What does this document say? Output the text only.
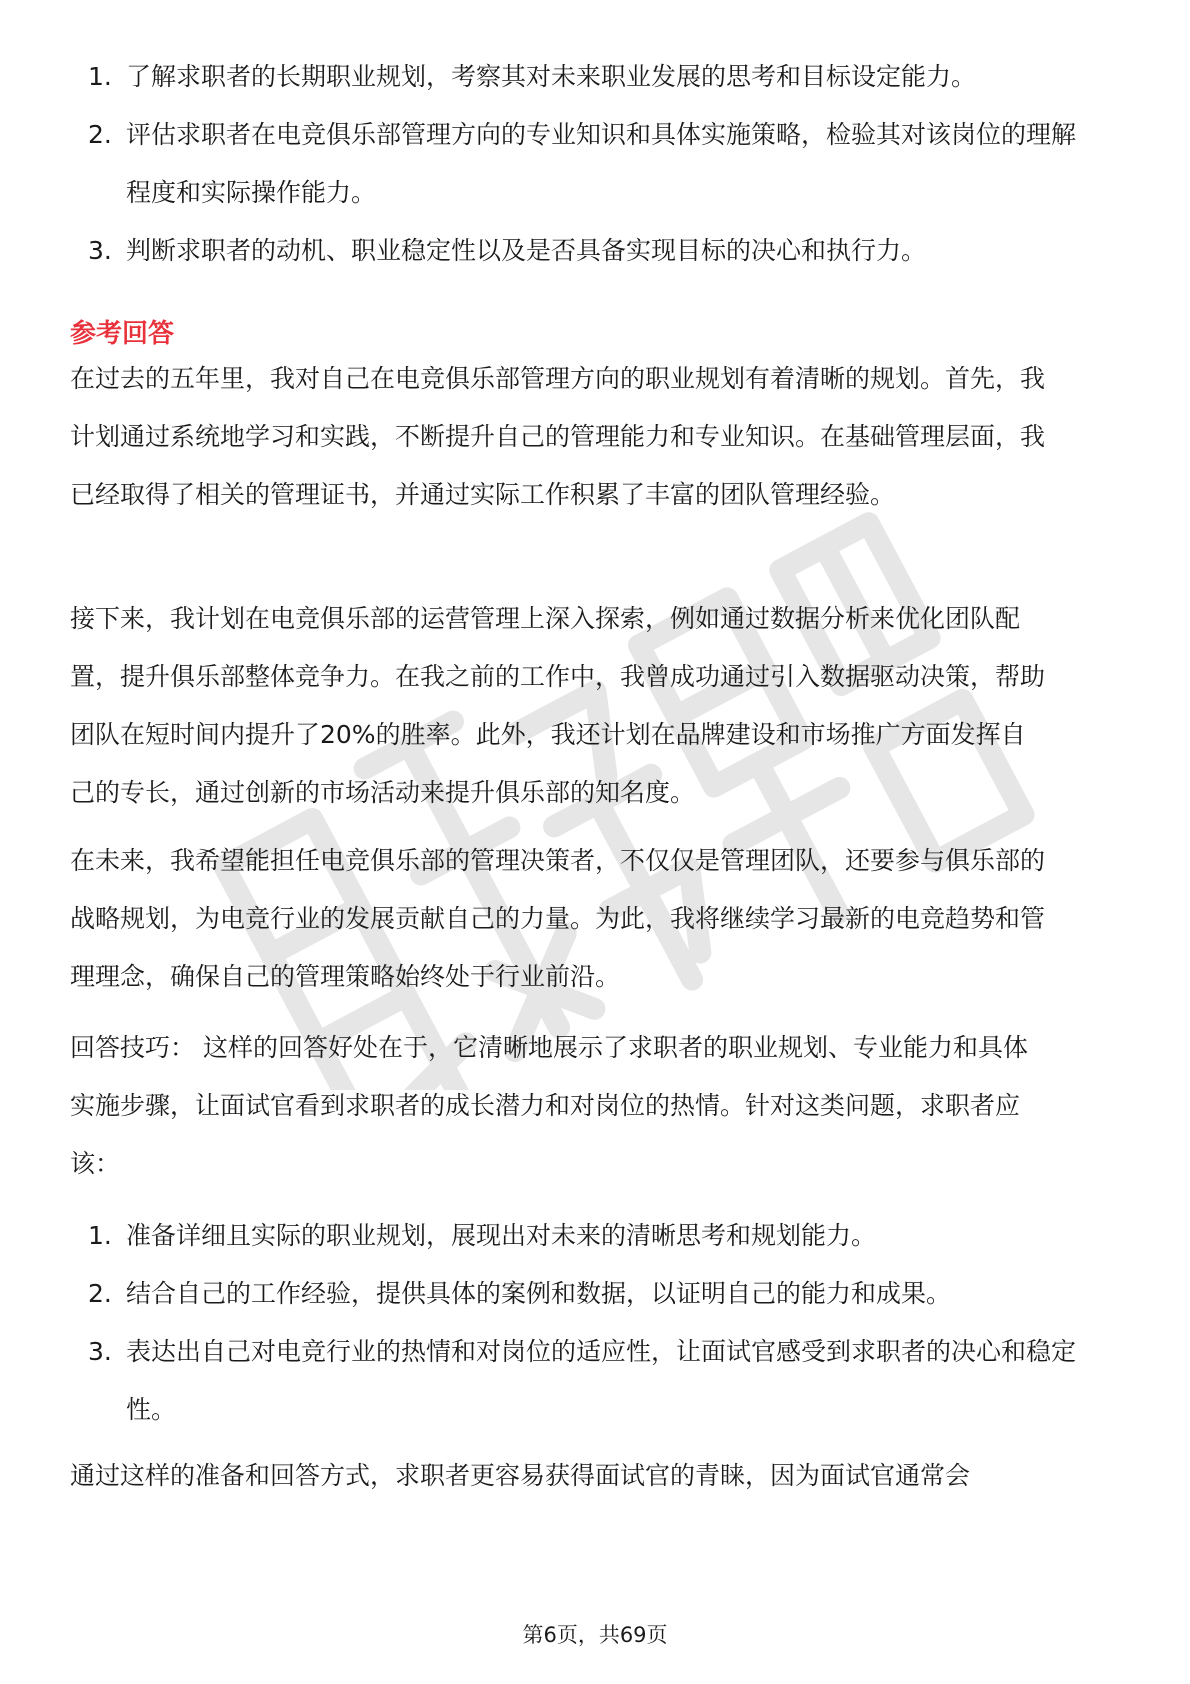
1. 了解求职者的长期职业规划，考察其对未来职业发展的思考和目标设定能力。
2. 评估求职者在电竞俱乐部管理方向的专业知识和具体实施策略，检验其对该岗位的理解程度和实际操作能力。
3. 判断求职者的动机、职业稳定性以及是否具备实现目标的决心和执行力。
参考回答

在过去的五年里，我对自己在电竞俱乐部管理方向的职业规划有着清晰的规划。首先，我计划通过系统地学习和实践，不断提升自己的管理能力和专业知识。在基础管理层面，我已经取得了相关的管理证书，并通过实际工作积累了丰富的团队管理经验。

接下来，我计划在电竞俱乐部的运营管理上深入探索，例如通过数据分析来优化团队配置，提升俱乐部整体竞争力。在我之前的工作中，我曾成功通过引入数据驱动决策，帮助团队在短时间内提升了20%的胜率。此外，我还计划在品牌建设和市场推广方面发挥自己的专长，通过创新的市场活动来提升俱乐部的知名度。

在未来，我希望能担任电竞俱乐部的管理决策者，不仅仅是管理团队，还要参与俱乐部的战略规划，为电竞行业的发展贡献自己的力量。为此，我将继续学习最新的电竞趋势和管理理念，确保自己的管理策略始终处于行业前沿。

回答技巧： 这样的回答好处在于，它清晰地展示了求职者的职业规划、专业能力和具体实施步骤，让面试官看到求职者的成长潜力和对岗位的热情。针对这类问题，求职者应该：

1. 准备详细且实际的职业规划，展现出对未来的清晰思考和规划能力。
2. 结合自己的工作经验，提供具体的案例和数据，以证明自己的能力和成果。
3. 表达出自己对电竞行业的热情和对岗位的适应性，让面试官感受到求职者的决心和稳定性。

通过这样的准备和回答方式，求职者更容易获得面试官的青睐，因为面试官通常会

第6页，共69页
